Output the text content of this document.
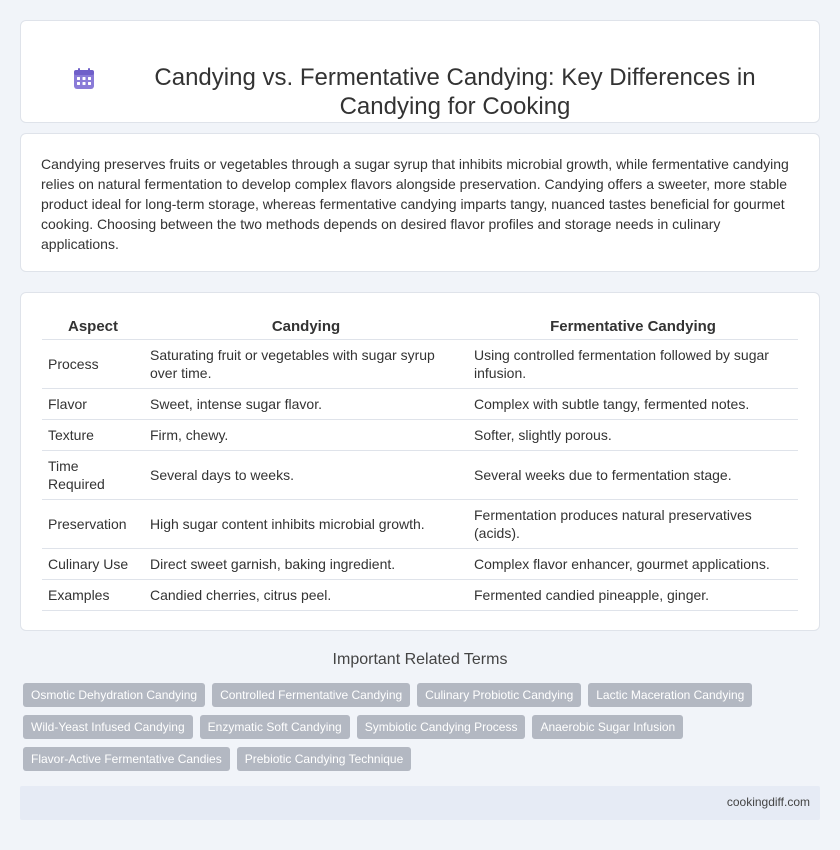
Candying vs. Fermentative Candying: Key Differences in Candying for Cooking

Candying preserves fruits or vegetables through a sugar syrup that inhibits microbial growth, while fermentative candying relies on natural fermentation to develop complex flavors alongside preservation. Candying offers a sweeter, more stable product ideal for long-term storage, whereas fermentative candying imparts tangy, nuanced tastes beneficial for gourmet cooking. Choosing between the two methods depends on desired flavor profiles and storage needs in culinary applications.

Aspect	Candying	Fermentative Candying
Process	Saturating fruit or vegetables with sugar syrup over time.	Using controlled fermentation followed by sugar infusion.
Flavor	Sweet, intense sugar flavor.	Complex with subtle tangy, fermented notes.
Texture	Firm, chewy.	Softer, slightly porous.
Time Required	Several days to weeks.	Several weeks due to fermentation stage.
Preservation	High sugar content inhibits microbial growth.	Fermentation produces natural preservatives (acids).
Culinary Use	Direct sweet garnish, baking ingredient.	Complex flavor enhancer, gourmet applications.
Examples	Candied cherries, citrus peel.	Fermented candied pineapple, ginger.
Important Related Terms
Osmotic Dehydration Candying	Controlled Fermentative Candying	Culinary Probiotic Candying	Lactic Maceration Candying
Wild-Yeast Infused Candying	Enzymatic Soft Candying	Symbiotic Candying Process	Anaerobic Sugar Infusion
Flavor-Active Fermentative Candies	Prebiotic Candying Technique
cookingdiff.com
